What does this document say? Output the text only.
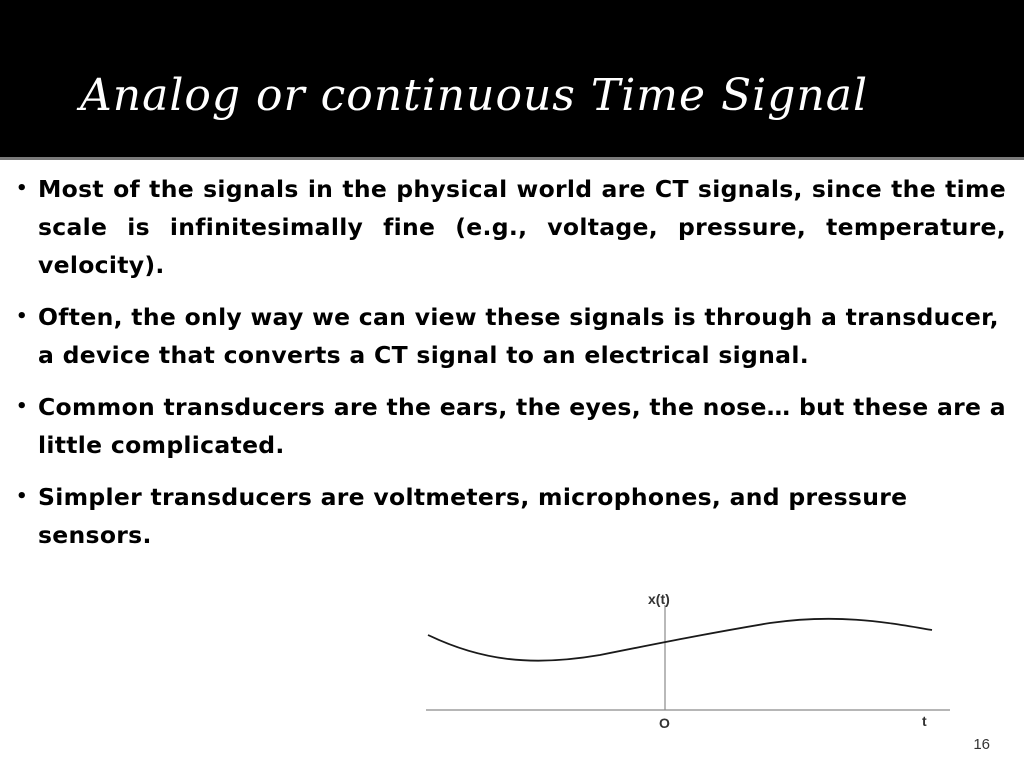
Analog or continuous Time Signal
• Most of the signals in the physical world are CT signals, since the time scale is infinitesimally fine (e.g., voltage, pressure, temperature, velocity).
• Often, the only way we can view these signals is through a transducer, a device that converts a CT signal to an electrical signal.
• Common transducers are the ears, the eyes, the nose… but these are a little complicated.
• Simpler transducers are voltmeters, microphones, and pressure sensors.
x(t)
t
O
16
